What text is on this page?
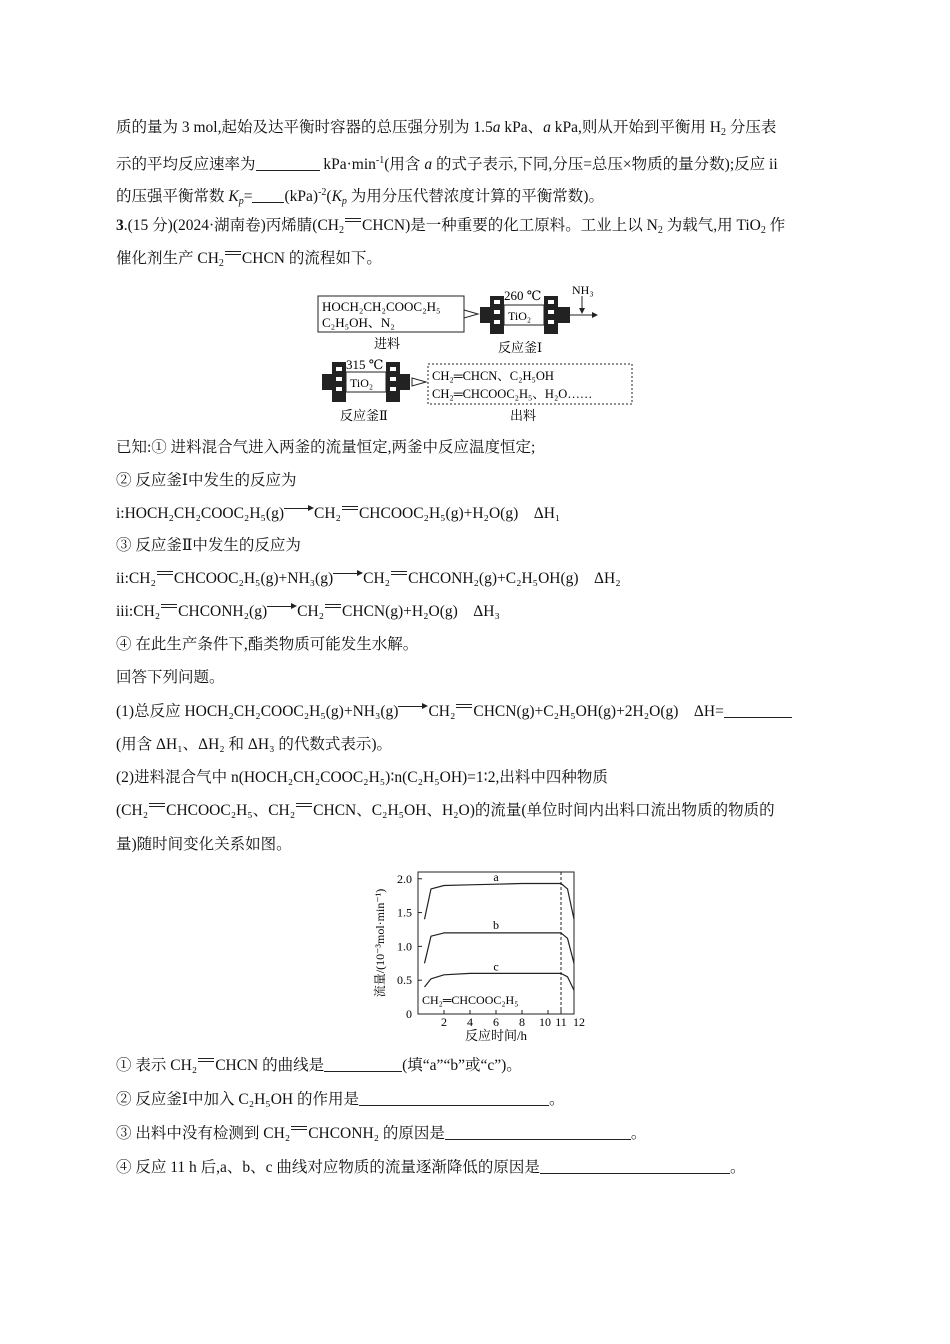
质的量为 3 mol,起始及达平衡时容器的总压强分别为 1.5a kPa、a kPa,则从开始到平衡用 $H_2$ 分压表
示的平均反应速率为	$kPa\cdot\min^{-1}$(用含 a 的式子表示,下同,分压=总压×物质的量分数);反应 ii
的压强平衡常数 $K_p= (kPa)^{-2}(K_p$ 为用分压代替浓度计算的平衡常数)。
3.(15 分)(2024·湖南卷)丙烯腈($CH_2$ CHCN)是一种重要的化工原料。工业上以 $N_2$ 为载气,用 TiO$_2$ 作
催化剂生产 $CH_2$ CHCN 的流程如下。
HOCH₂CH₂COOC₂H₅
C₂H₅OH、N₂
进料
TiO₂
260 ℃
反应釜Ⅰ
NH₃
TiO₂
315 ℃
反应釜Ⅱ
CH₂═CHCN、C₂H₅OH
CH₂═CHCOOC₂H₅、H₂O……
出料
已知:① 进料混合气进入两釜的流量恒定,两釜中反应温度恒定;
② 反应釜Ⅰ中发生的反应为
i:HOCH₂CH₂COOC₂H₅(g) CH₂ CHCOOC₂H₅(g)+H₂O(g)　ΔH₁
③ 反应釜Ⅱ中发生的反应为
ii:CH₂ CHCOOC₂H₅(g)+NH₃(g) CH₂ CHCONH₂(g)+C₂H₅OH(g)　ΔH₂
iii:CH₂ CHCONH₂(g) CH₂ CHCN(g)+H₂O(g)　ΔH₃
④ 在此生产条件下,酯类物质可能发生水解。
回答下列问题。
(1)总反应 HOCH₂CH₂COOC₂H₅(g)+NH₃(g) CH₂ CHCN(g)+C₂H₅OH(g)+2H₂O(g)　ΔH=
(用含 ΔH₁、ΔH₂ 和 ΔH₃ 的代数式表示)。
(2)进料混合气中 n(HOCH₂CH₂COOC₂H₅)∶n(C₂H₅OH)=1∶2,出料中四种物质
(CH₂ CHCOOC₂H₅、CH₂ CHCN、C₂H₅OH、H₂O)的流量(单位时间内出料口流出物质的物质的
量)随时间变化关系如图。
0
0.5
1.0
1.5
2.0
2 4 6 8 10 11 12
反应时间/h
流量/(10⁻³mol·min⁻¹)
a
b
c
CH₂═CHCOOC₂H₅
① 表示 CH₂ CHCN 的曲线是	(填“a”“b”或“c”)。
② 反应釜Ⅰ中加入 C₂H₅OH 的作用是	。
③ 出料中没有检测到 CH₂ CHCONH₂ 的原因是	。
④ 反应 11 h 后,a、b、c 曲线对应物质的流量逐渐降低的原因是	。
